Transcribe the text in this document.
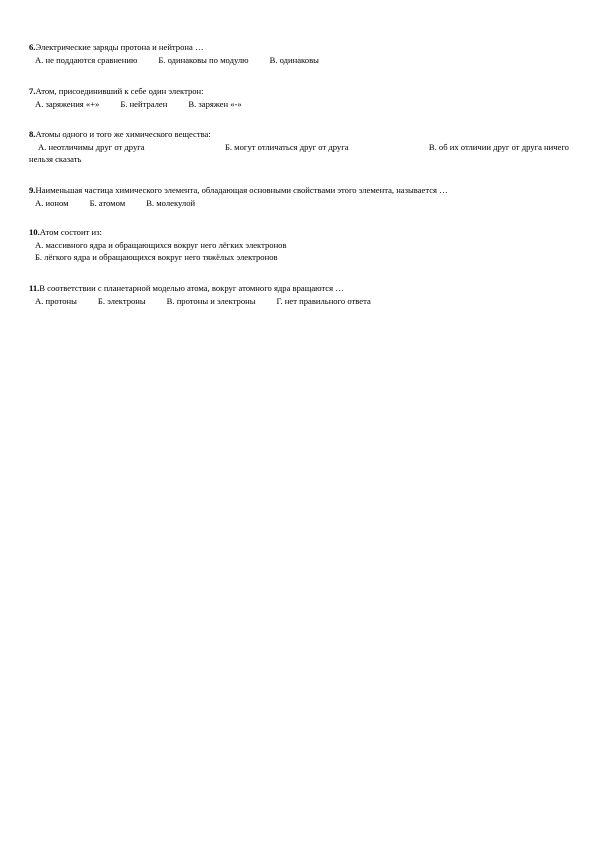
6.Электрические заряды протона и нейтрона …
А. не поддаются сравнению Б. одинаковы по модулю В. одинаковы
7.Атом, присоединивший к себе один электрон:
А. заряжения «+» Б. нейтрален В. заряжен «-»
8.Атомы одного и того же химического вещества:
А. неотличимы друг от друга	Б. могут отличаться друг от друга	В. об их отличии друг от друга ничего
нельзя сказать
9.Наименьшая частица химического элемента, обладающая основными свойствами этого элемента, называется …
А. ионом Б. атомом В. молекулой
10.Атом состоит из:
А. массивного ядра и обращающихся вокруг него лёгких электронов
Б. лёгкого ядра и обращающихся вокруг него тяжёлых электронов
11.В соответствии с планетарной моделью атома, вокруг атомного ядра вращаются …
А. протоны Б. электроны В. протоны и электроны Г. нет правильного ответа
